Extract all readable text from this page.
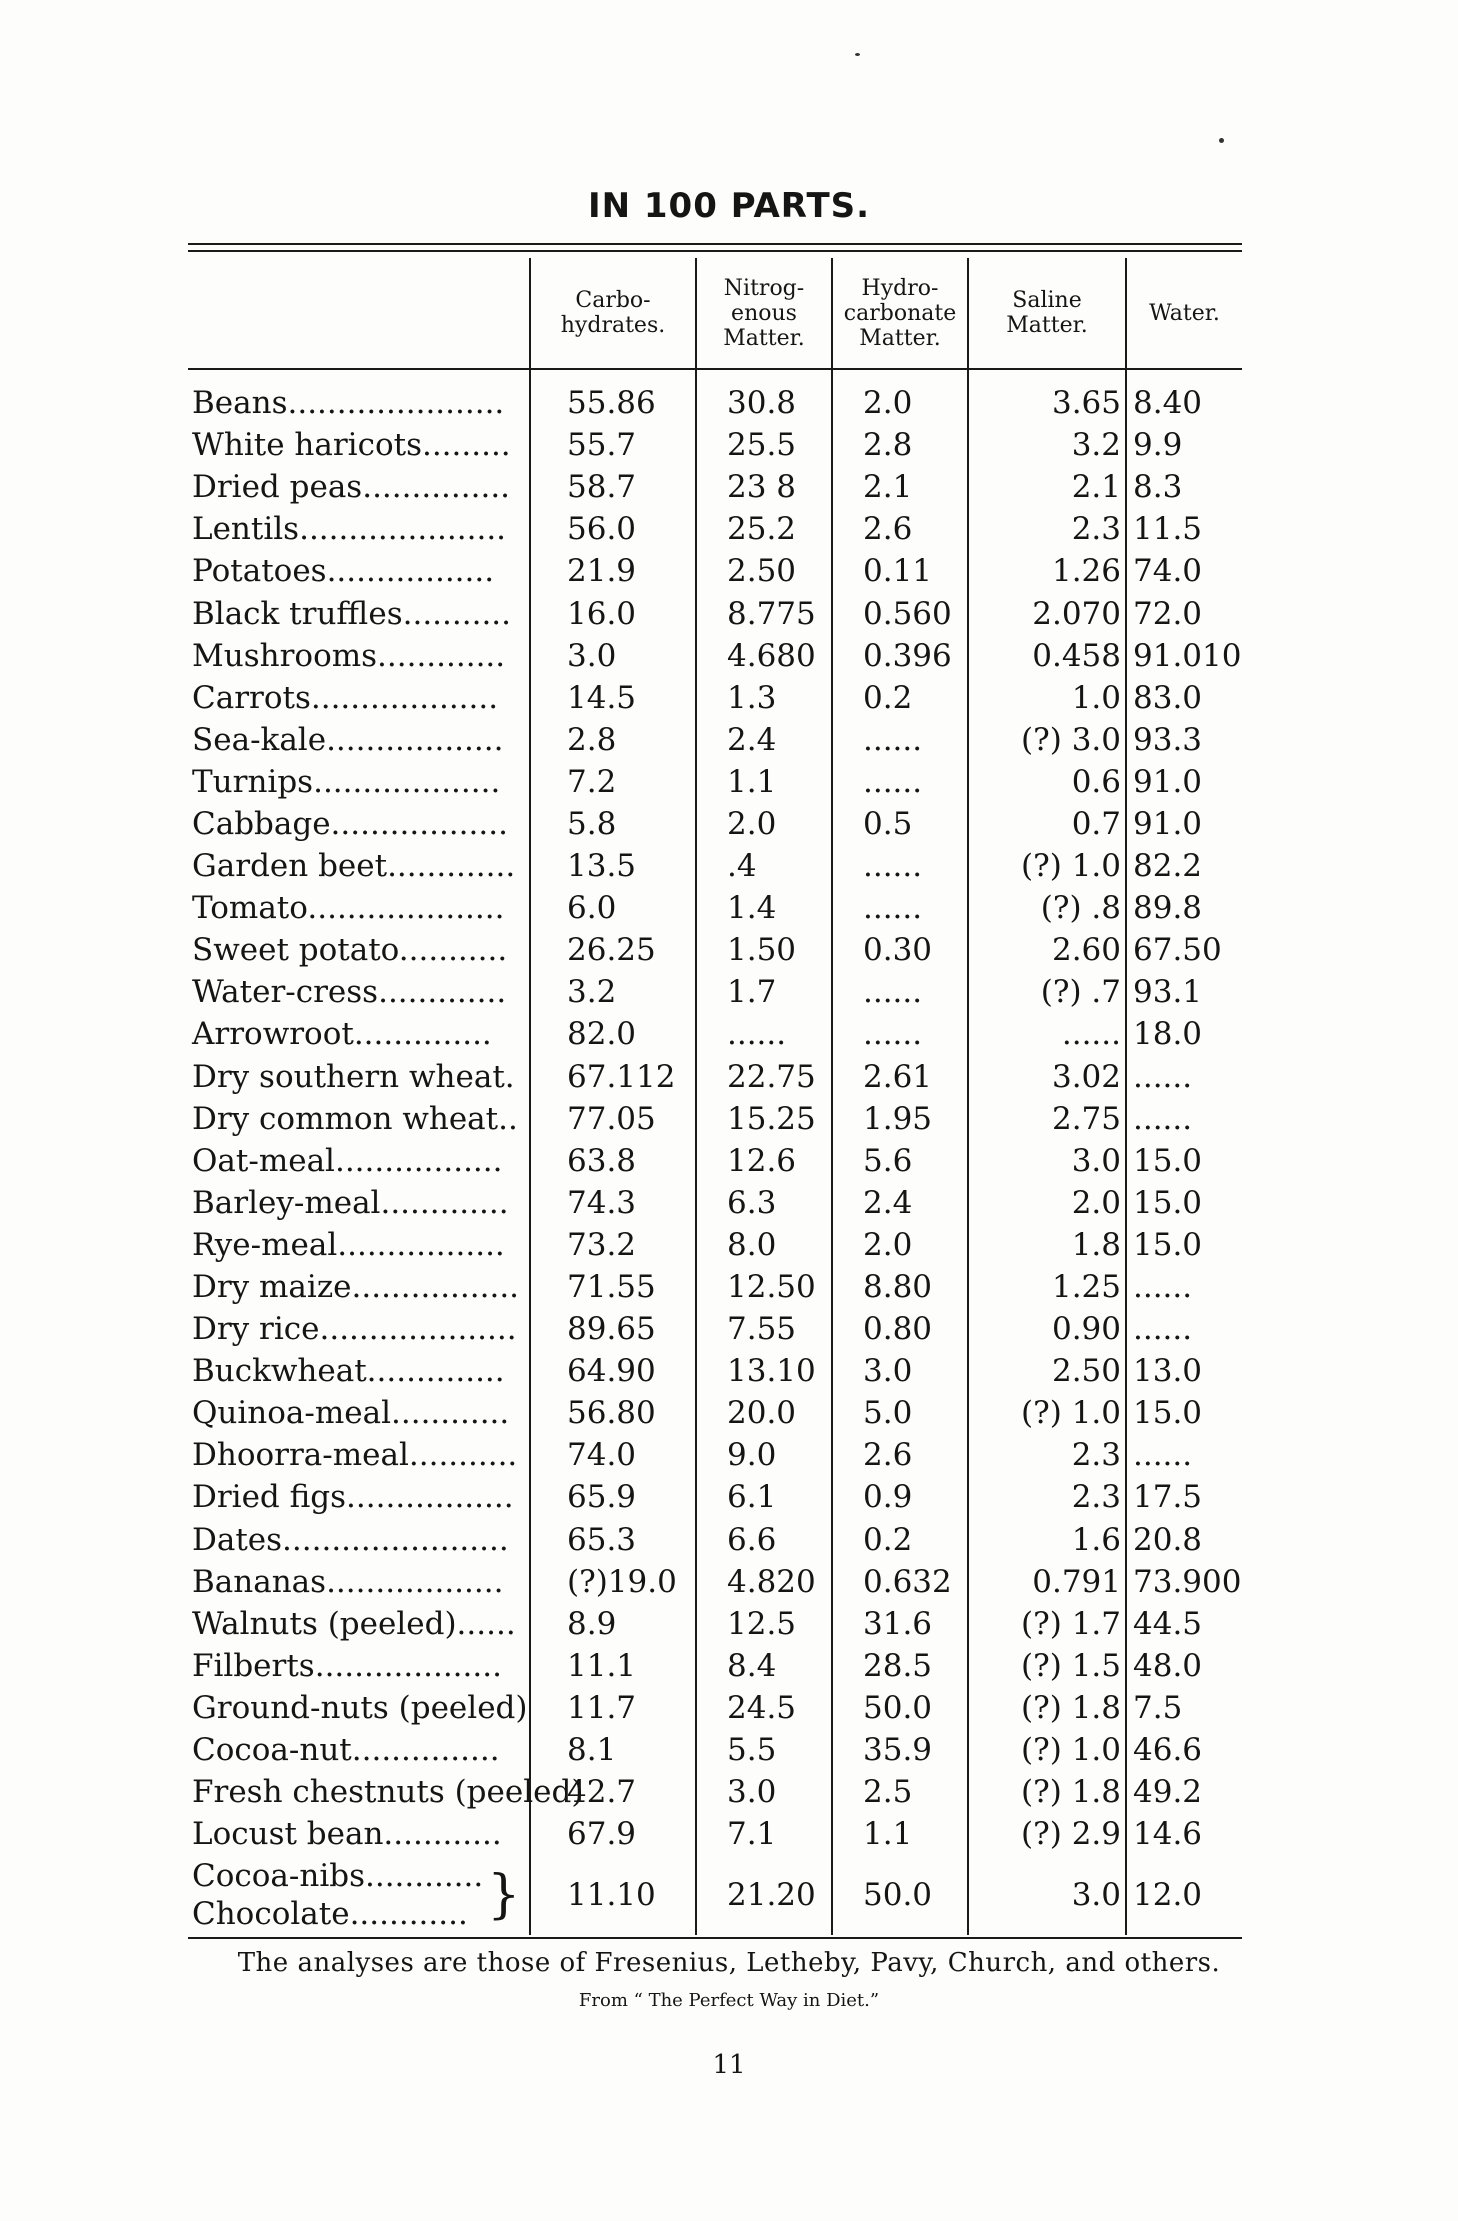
IN 100 PARTS.
	Carbo-hydrates.	Nitrog-enous Matter.	Hydro-carbonate Matter.	Saline Matter.	Water.
Beans......................	55.86	30.8	2.0	3.65	8.40
White haricots.........	55.7	25.5	2.8	3.2	9.9
Dried peas...............	58.7	23 8	2.1	2.1	8.3
Lentils.....................	56.0	25.2	2.6	2.3	11.5
Potatoes.................	21.9	2.50	0.11	1.26	74.0
Black truffles...........	16.0	8.775	0.560	2.070	72.0
Mushrooms.............	3.0	4.680	0.396	0.458	91.010
Carrots...................	14.5	1.3	0.2	1.0	83.0
Sea-kale..................	2.8	2.4	......	(?) 3.0	93.3
Turnips...................	7.2	1.1	......	0.6	91.0
Cabbage..................	5.8	2.0	0.5	0.7	91.0
Garden beet.............	13.5	.4	......	(?) 1.0	82.2
Tomato....................	6.0	1.4	......	(?) .8	89.8
Sweet potato...........	26.25	1.50	0.30	2.60	67.50
Water-cress.............	3.2	1.7	......	(?) .7	93.1
Arrowroot..............	82.0	......	......	......	18.0
Dry southern wheat.	67.112	22.75	2.61	3.02	......
Dry common wheat..	77.05	15.25	1.95	2.75	......
Oat-meal.................	63.8	12.6	5.6	3.0	15.0
Barley-meal.............	74.3	6.3	2.4	2.0	15.0
Rye-meal.................	73.2	8.0	2.0	1.8	15.0
Dry maize.................	71.55	12.50	8.80	1.25	......
Dry rice....................	89.65	7.55	0.80	0.90	......
Buckwheat..............	64.90	13.10	3.0	2.50	13.0
Quinoa-meal............	56.80	20.0	5.0	(?) 1.0	15.0
Dhoorra-meal...........	74.0	9.0	2.6	2.3	......
Dried figs.................	65.9	6.1	0.9	2.3	17.5
Dates.......................	65.3	6.6	0.2	1.6	20.8
Bananas..................	(?)19.0	4.820	0.632	0.791	73.900
Walnuts (peeled)......	8.9	12.5	31.6	(?) 1.7	44.5
Filberts...................	11.1	8.4	28.5	(?) 1.5	48.0
Ground-nuts (peeled)	11.7	24.5	50.0	(?) 1.8	7.5
Cocoa-nut...............	8.1	5.5	35.9	(?) 1.0	46.6
Fresh chestnuts (peeled)	42.7	3.0	2.5	(?) 1.8	49.2
Locust bean............	67.9	7.1	1.1	(?) 2.9	14.6
Cocoa-nibs............
Chocolate............ }	11.10	21.20	50.0	3.0	12.0
The analyses are those of Fresenius, Letheby, Pavy, Church, and others.
From “ The Perfect Way in Diet.”
11
